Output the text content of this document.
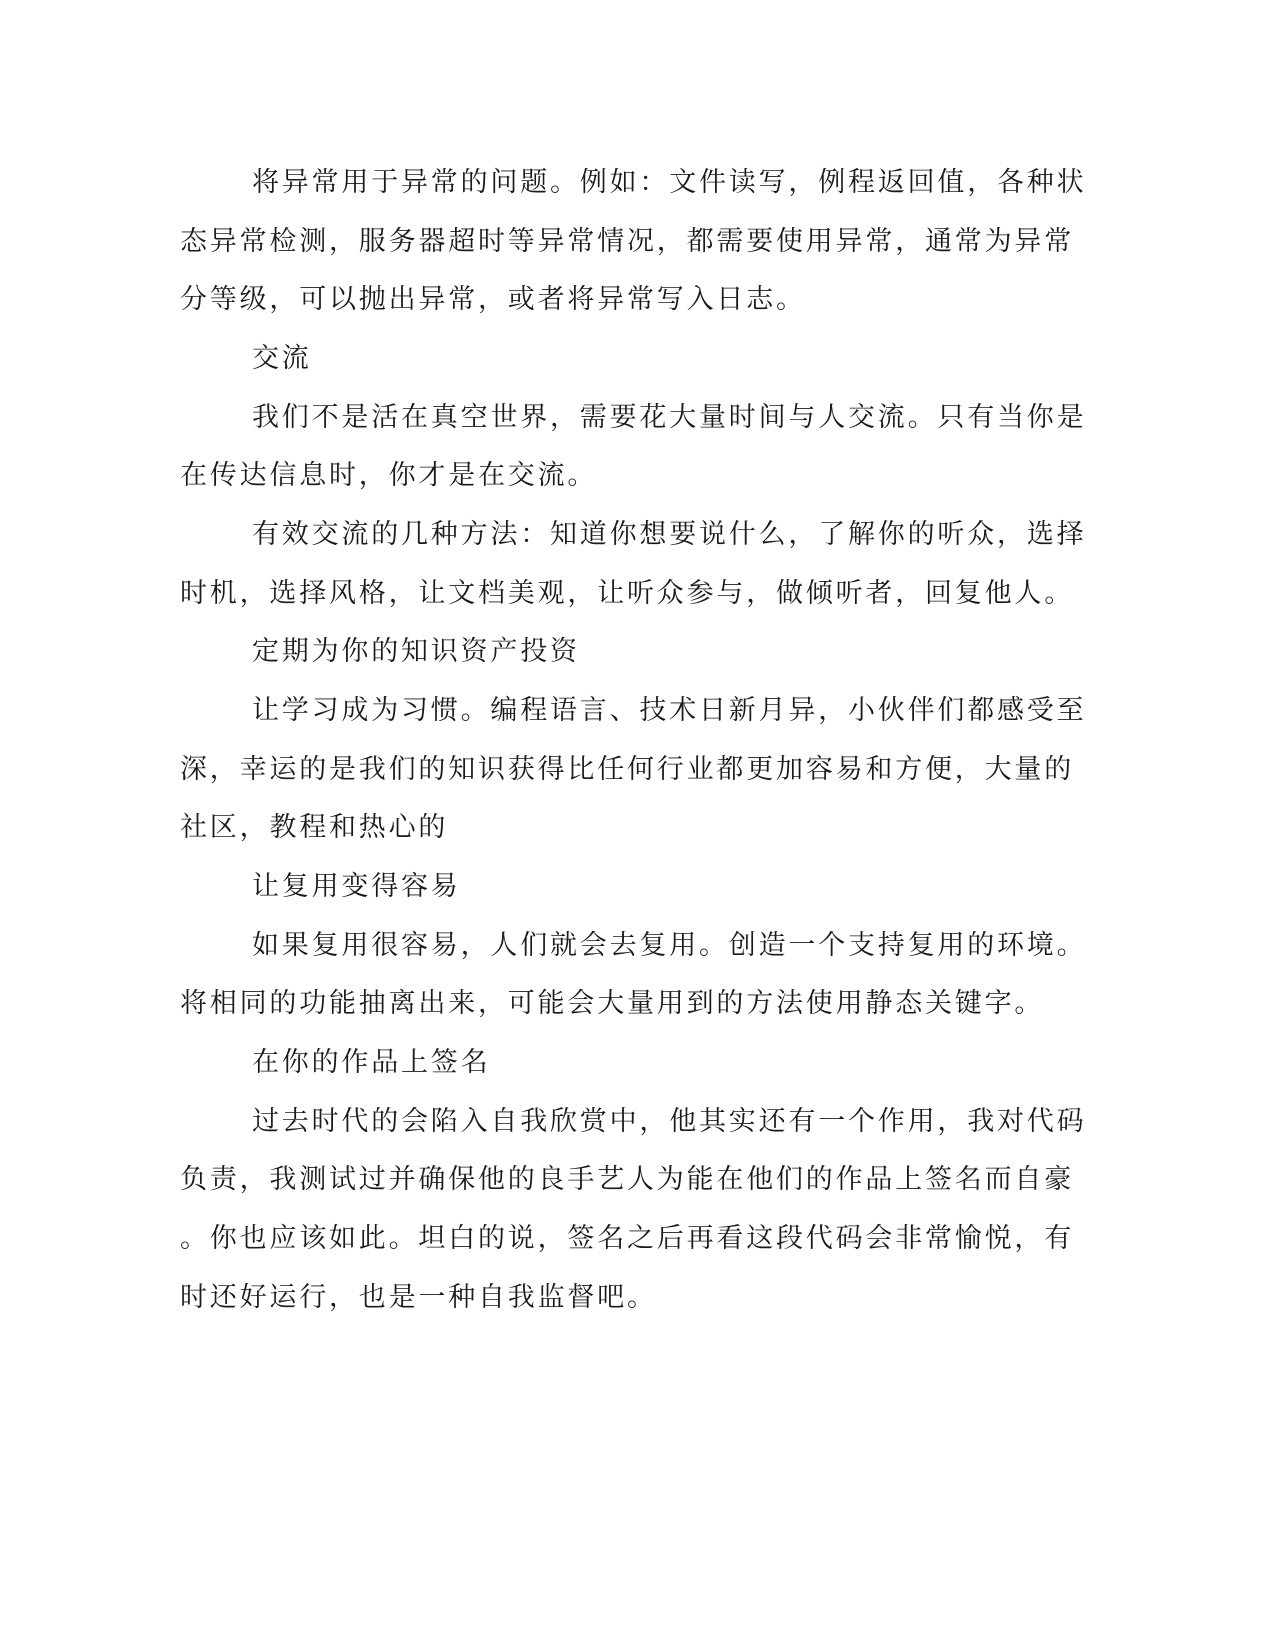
将异常用于异常的问题。例如：文件读写，例程返回值，各种状
态异常检测，服务器超时等异常情况，都需要使用异常，通常为异常
分等级，可以抛出异常，或者将异常写入日志。
交流
我们不是活在真空世界，需要花大量时间与人交流。只有当你是
在传达信息时，你才是在交流。
有效交流的几种方法：知道你想要说什么，了解你的听众，选择
时机，选择风格，让文档美观，让听众参与，做倾听者，回复他人。
定期为你的知识资产投资
让学习成为习惯。编程语言、技术日新月异，小伙伴们都感受至
深，幸运的是我们的知识获得比任何行业都更加容易和方便，大量的
社区，教程和热心的
让复用变得容易
如果复用很容易，人们就会去复用。创造一个支持复用的环境。
将相同的功能抽离出来，可能会大量用到的方法使用静态关键字。
在你的作品上签名
过去时代的会陷入自我欣赏中，他其实还有一个作用，我对代码
负责，我测试过并确保他的良手艺人为能在他们的作品上签名而自豪
。你也应该如此。坦白的说，签名之后再看这段代码会非常愉悦，有
时还好运行，也是一种自我监督吧。
